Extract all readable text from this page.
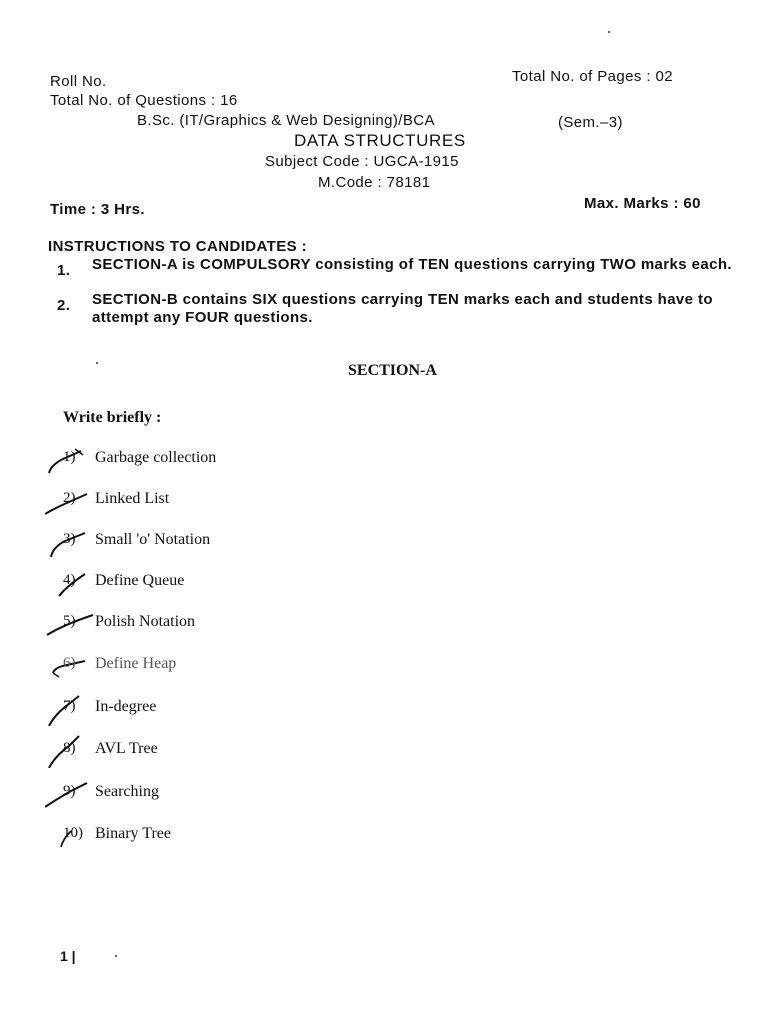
Roll No.	Total No. of Pages : 02
Total No. of Questions : 16
B.Sc. (IT/Graphics & Web Designing)/BCA	(Sem.–3)
DATA STRUCTURES
Subject Code : UGCA-1915
M.Code : 78181
Time : 3 Hrs.	Max. Marks : 60
INSTRUCTIONS TO CANDIDATES :
1. SECTION-A is COMPULSORY consisting of TEN questions carrying TWO marks each.
2. SECTION-B contains SIX questions carrying TEN marks each and students have to attempt any FOUR questions.
SECTION-A
Write briefly :
1) Garbage collection
2) Linked List
3) Small 'o' Notation
4) Define Queue
5) Polish Notation
6) Define Heap
7) In-degree
8) AVL Tree
9) Searching
10) Binary Tree
1 |
